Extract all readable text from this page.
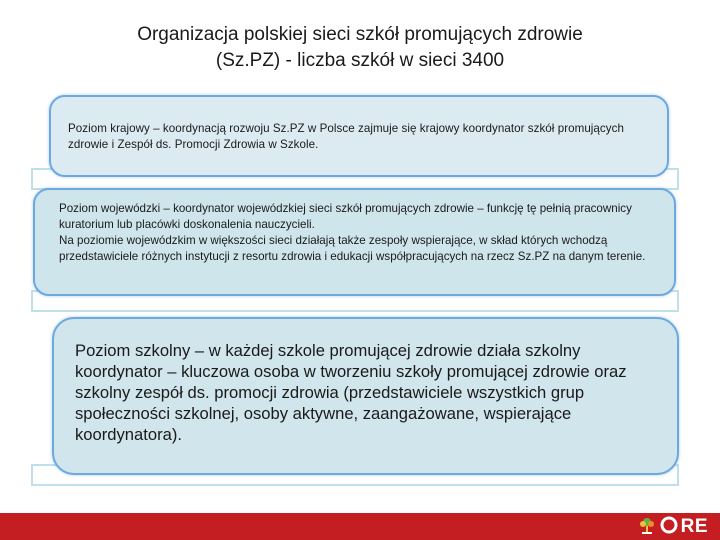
Organizacja polskiej sieci szkół promujących zdrowie
(Sz.PZ) - liczba szkół w sieci 3400
Poziom krajowy – koordynacją rozwoju Sz.PZ w Polsce zajmuje się krajowy koordynator szkół promujących zdrowie i Zespół ds. Promocji Zdrowia w Szkole.
Poziom wojewódzki – koordynator wojewódzkiej sieci szkół promujących zdrowie – funkcję tę pełnią pracownicy kuratorium lub placówki doskonalenia nauczycieli.
Na poziomie wojewódzkim w większości sieci działają także zespoły wspierające, w skład których wchodzą przedstawiciele różnych instytucji z resortu zdrowia i edukacji współpracujących na rzecz Sz.PZ na danym terenie.
Poziom szkolny – w każdej szkole promującej zdrowie działa szkolny koordynator – kluczowa osoba w tworzeniu szkoły promującej zdrowie oraz szkolny zespół ds. promocji zdrowia (przedstawiciele wszystkich grup społeczności szkolnej, osoby aktywne, zaangażowane, wspierające koordynatora).
RE
